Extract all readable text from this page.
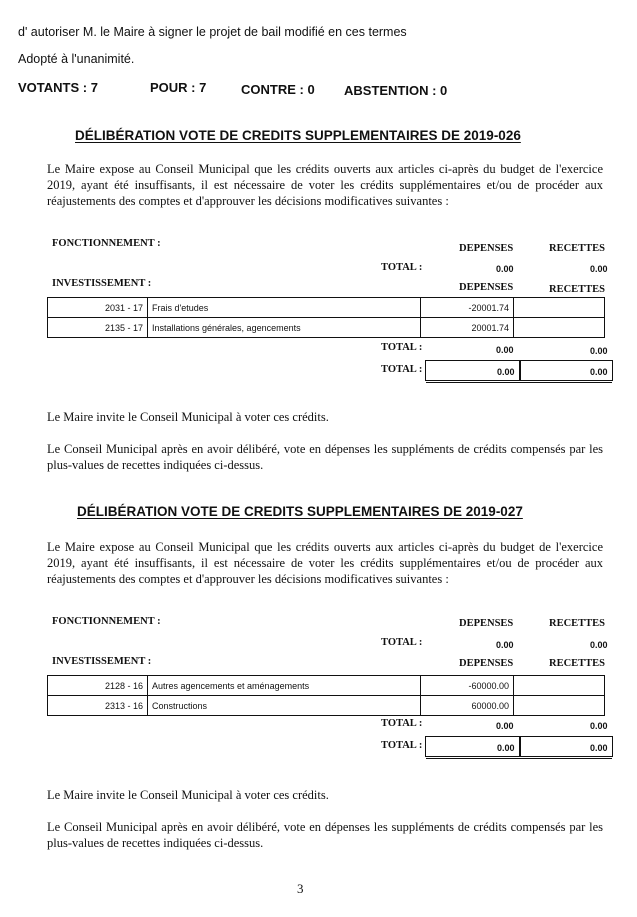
d' autoriser M. le Maire à signer le projet de bail modifié en ces termes
Adopté à l'unanimité.
VOTANTS : 7	POUR : 7	CONTRE : 0 ABSTENTION : 0
DÉLIBÉRATION VOTE DE CREDITS SUPPLEMENTAIRES DE 2019-026
Le Maire expose au Conseil Municipal que les crédits ouverts aux articles ci-après du budget de l'exercice 2019, ayant été insuffisants, il est nécessaire de voter les crédits supplémentaires et/ou de procéder aux réajustements des comptes et d'approuver les décisions modificatives suivantes :
FONCTIONNEMENT :	DEPENSES	RECETTES
TOTAL :	0.00	0.00
INVESTISSEMENT :	DEPENSES	RECETTES
2031 - 17	Frais d'etudes	-20001.74	
2135 - 17	Installations générales, agencements	20001.74	
TOTAL :	0.00	0.00
TOTAL :	0.00	0.00
Le Maire invite le Conseil Municipal à voter ces crédits.
Le Conseil Municipal après en avoir délibéré, vote en dépenses les suppléments de crédits compensés par les plus-values de recettes indiquées ci-dessus.
DÉLIBÉRATION VOTE DE CREDITS SUPPLEMENTAIRES DE 2019-027
Le Maire expose au Conseil Municipal que les crédits ouverts aux articles ci-après du budget de l'exercice 2019, ayant été insuffisants, il est nécessaire de voter les crédits supplémentaires et/ou de procéder aux réajustements des comptes et d'approuver les décisions modificatives suivantes :
FONCTIONNEMENT :	DEPENSES	RECETTES
TOTAL :	0.00	0.00
INVESTISSEMENT :	DEPENSES	RECETTES
2128 - 16	Autres agencements et aménagements	-60000.00	
2313 - 16	Constructions	60000.00	
TOTAL :	0.00	0.00
TOTAL :	0.00	0.00
Le Maire invite le Conseil Municipal à voter ces crédits.
Le Conseil Municipal après en avoir délibéré, vote en dépenses les suppléments de crédits compensés par les plus-values de recettes indiquées ci-dessus.
3
